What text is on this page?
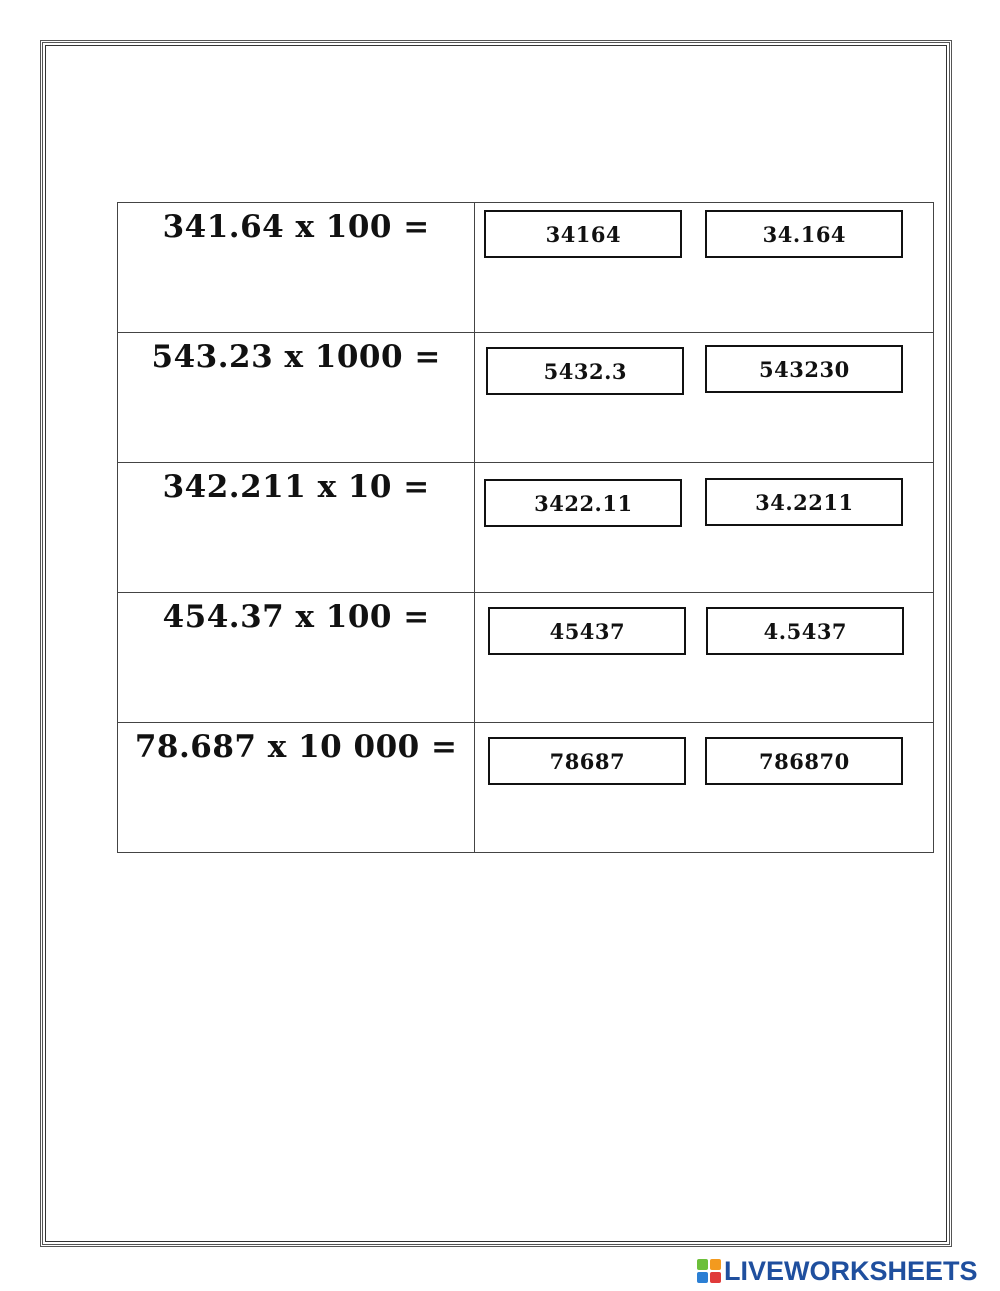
341.64 x 100 =	34164 34.164

543.23 x 1000 =	5432.3 543230

342.211 x 10 =	3422.11 34.2211

454.37 x 100 =	45437 4.5437

78.687 x 10 000 =	78687 786870
LIVEWORKSHEETS
